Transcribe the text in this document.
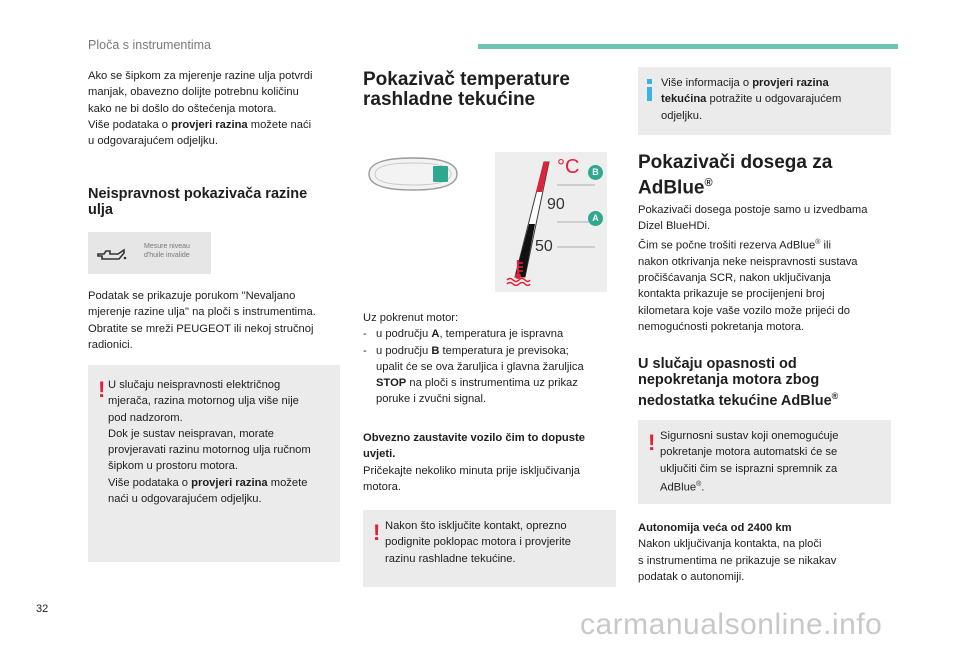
Ploča s instrumentima
Ako se šipkom za mjerenje razine ulja potvrdi
manjak, obavezno dolijte potrebnu količinu
kako ne bi došlo do oštećenja motora.
Više podataka o provjeri razina možete naći
u odgovarajućem odjeljku.
Neispravnost pokazivača razine
ulja
Mesure niveau
d'huile invalide
Podatak se prikazuje porukom "Nevaljano
mjerenje razine ulja" na ploči s instrumentima.
Obratite se mreži PEUGEOT ili nekoj stručnoj
radionici.
! U slučaju neispravnosti električnog
mjerača, razina motornog ulja više nije
pod nadzorom.
Dok je sustav neispravan, morate
provjeravati razinu motornog ulja ručnom
šipkom u prostoru motora.
Više podataka o provjeri razina možete
naći u odgovarajućem odjeljku.
Pokazivač temperature
rashladne tekućine
°C
90
50
B
A
Uz pokrenut motor:
- u području A, temperatura je ispravna
- u području B temperatura je previsoka;
upalit će se ova žaruljica i glavna žaruljica
STOP na ploči s instrumentima uz prikaz
poruke i zvučni signal.
Obvezno zaustavite vozilo čim to dopuste
uvjeti.
Pričekajte nekoliko minuta prije isključivanja
motora.
! Nakon što isključite kontakt, oprezno
podignite poklopac motora i provjerite
razinu rashladne tekućine.
Više informacija o provjeri razina
tekućina potražite u odgovarajućem
odjeljku.
Pokazivači dosega za
AdBlue®
Pokazivači dosega postoje samo u izvedbama
Dizel BlueHDi.
Čim se počne trošiti rezerva AdBlue® ili
nakon otkrivanja neke neispravnosti sustava
pročišćavanja SCR, nakon uključivanja
kontakta prikazuje se procijenjeni broj
kilometara koje vaše vozilo može prijeći do
nemogućnosti pokretanja motora.
U slučaju opasnosti od
nepokretanja motora zbog
nedostatka tekućine AdBlue®
! Sigurnosni sustav koji onemogućuje
pokretanje motora automatski će se
uključiti čim se isprazni spremnik za
AdBlue®.
Autonomija veća od 2400 km
Nakon uključivanja kontakta, na ploči
s instrumentima ne prikazuje se nikakav
podatak o autonomiji.
32	carmanualsonline.info
